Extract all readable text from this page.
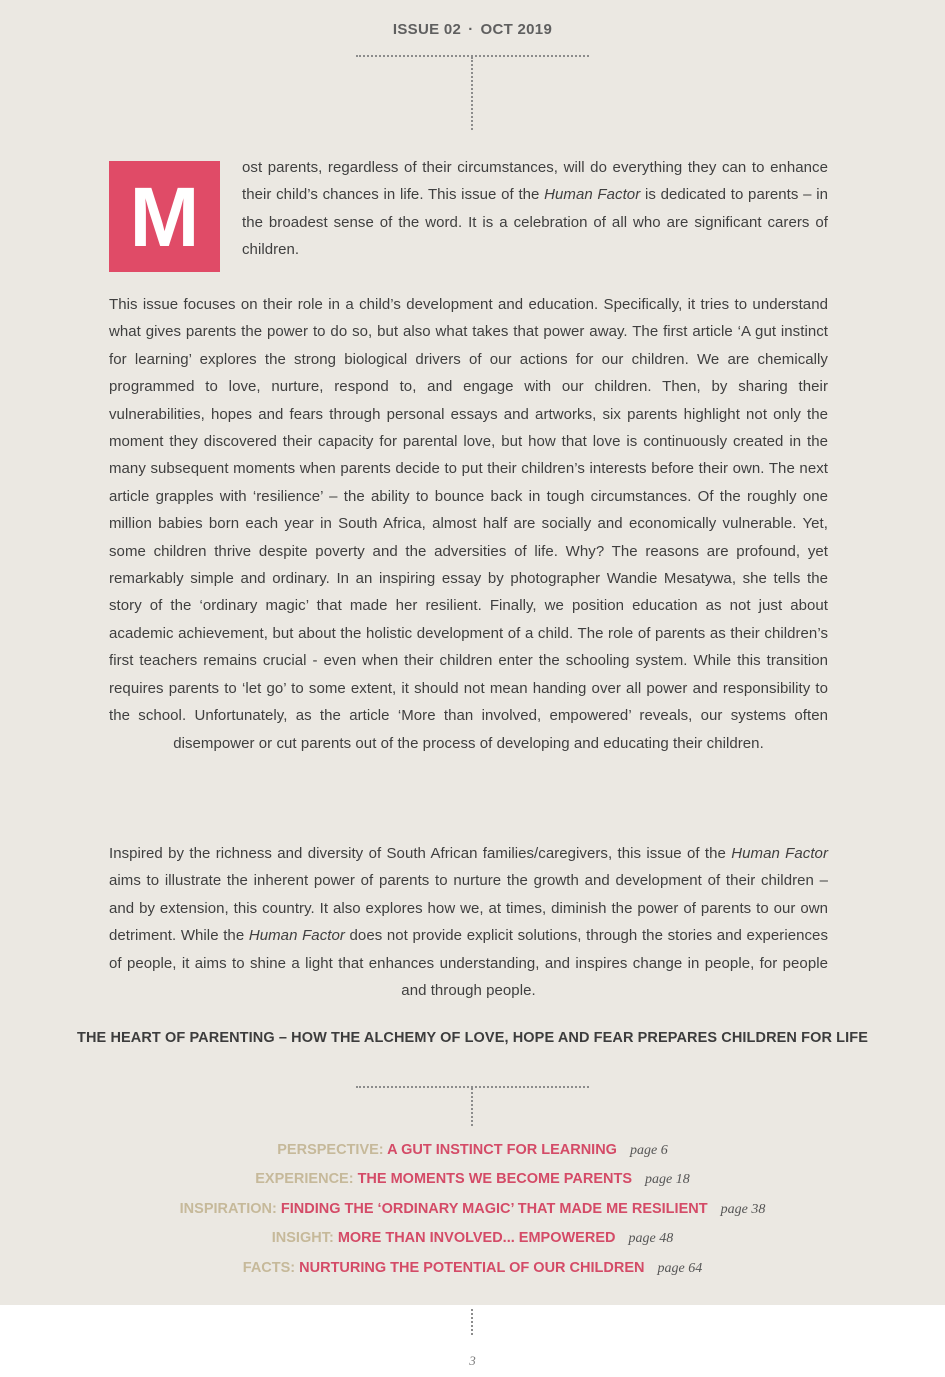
ISSUE 02 · OCT 2019
M

ost parents, regardless of their circumstances, will do everything they can to enhance their child’s chances in life. This issue of the Human Factor is dedicated to parents – in the broadest sense of the word. It is a celebration of all who are significant carers of children.

This issue focuses on their role in a child’s development and education. Specifically, it tries to understand what gives parents the power to do so, but also what takes that power away. The first article ‘A gut instinct for learning’ explores the strong biological drivers of our actions for our children. We are chemically programmed to love, nurture, respond to, and engage with our children. Then, by sharing their vulnerabilities, hopes and fears through personal essays and artworks, six parents highlight not only the moment they discovered their capacity for parental love, but how that love is continuously created in the many subsequent moments when parents decide to put their children’s interests before their own. The next article grapples with ‘resilience’ – the ability to bounce back in tough circumstances. Of the roughly one million babies born each year in South Africa, almost half are socially and economically vulnerable. Yet, some children thrive despite poverty and the adversities of life. Why? The reasons are profound, yet remarkably simple and ordinary. In an inspiring essay by photographer Wandie Mesatywa, she tells the story of the ‘ordinary magic’ that made her resilient. Finally, we position education as not just about academic achievement, but about the holistic development of a child. The role of parents as their children’s first teachers remains crucial - even when their children enter the schooling system. While this transition requires parents to ‘let go’ to some extent, it should not mean handing over all power and responsibility to the school. Unfortunately, as the article ‘More than involved, empowered’ reveals, our systems often disempower or cut parents out of the process of developing and educating their children.

Inspired by the richness and diversity of South African families/caregivers, this issue of the Human Factor aims to illustrate the inherent power of parents to nurture the growth and development of their children – and by extension, this country. It also explores how we, at times, diminish the power of parents to our own detriment. While the Human Factor does not provide explicit solutions, through the stories and experiences of people, it aims to shine a light that enhances understanding, and inspires change in people, for people and through people.

THE HEART OF PARENTING – HOW THE ALCHEMY OF LOVE, HOPE AND FEAR PREPARES CHILDREN FOR LIFE
PERSPECTIVE: A GUT INSTINCT FOR LEARNING page 6
EXPERIENCE: THE MOMENTS WE BECOME PARENTS page 18
INSPIRATION: FINDING THE ‘ORDINARY MAGIC’ THAT MADE ME RESILIENT page 38
INSIGHT: MORE THAN INVOLVED... EMPOWERED page 48
FACTS: NURTURING THE POTENTIAL OF OUR CHILDREN page 64
3
